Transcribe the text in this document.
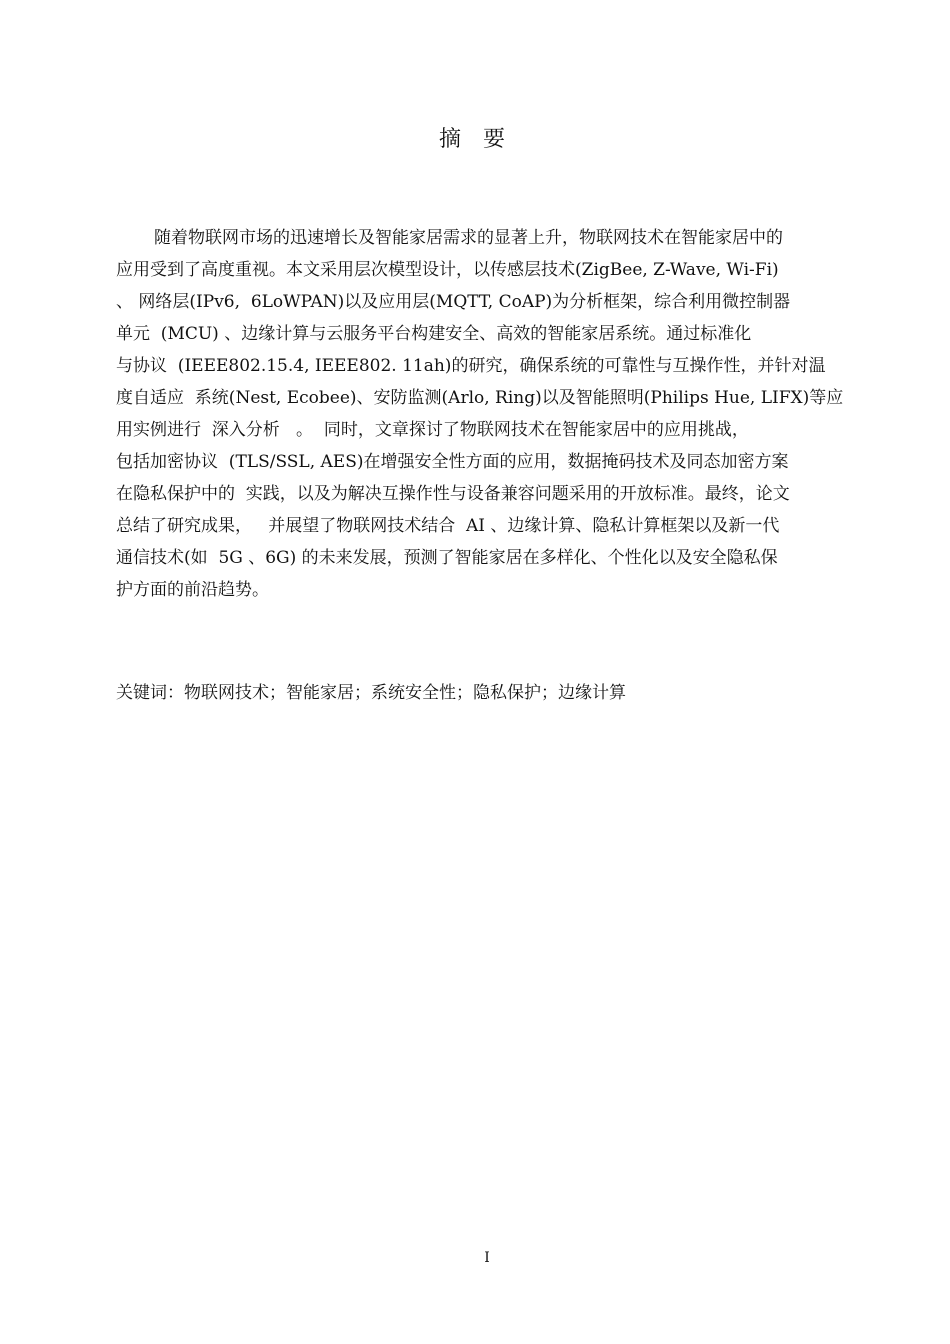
摘要
随着物联网市场的迅速增长及智能家居需求的显著上升，物联网技术在智能家居中的
应用受到了高度重视。本文采用层次模型设计，以传感层技术(ZigBee, Z-Wave, Wi-Fi)
、 网络层(IPv6,  6LoWPAN)以及应用层(MQTT, CoAP)为分析框架，综合利用微控制器
单元  (MCU) 、边缘计算与云服务平台构建安全、高效的智能家居系统。通过标准化
与协议  (IEEE802.15.4, IEEE802. 11ah)的研究，确保系统的可靠性与互操作性，并针对温
度自适应  系统(Nest, Ecobee)、安防监测(Arlo, Ring)以及智能照明(Philips Hue, LIFX)等应
用实例进行  深入分析   。  同时，文章探讨了物联网技术在智能家居中的应用挑战，
包括加密协议  (TLS/SSL, AES)在增强安全性方面的应用，数据掩码技术及同态加密方案
在隐私保护中的  实践，以及为解决互操作性与设备兼容问题采用的开放标准。最终，论文
总结了研究成果，   并展望了物联网技术结合  AI 、边缘计算、隐私计算框架以及新一代
通信技术(如  5G 、6G) 的未来发展，预测了智能家居在多样化、个性化以及安全隐私保
护方面的前沿趋势。
关键词：物联网技术；智能家居；系统安全性；隐私保护；边缘计算
I
